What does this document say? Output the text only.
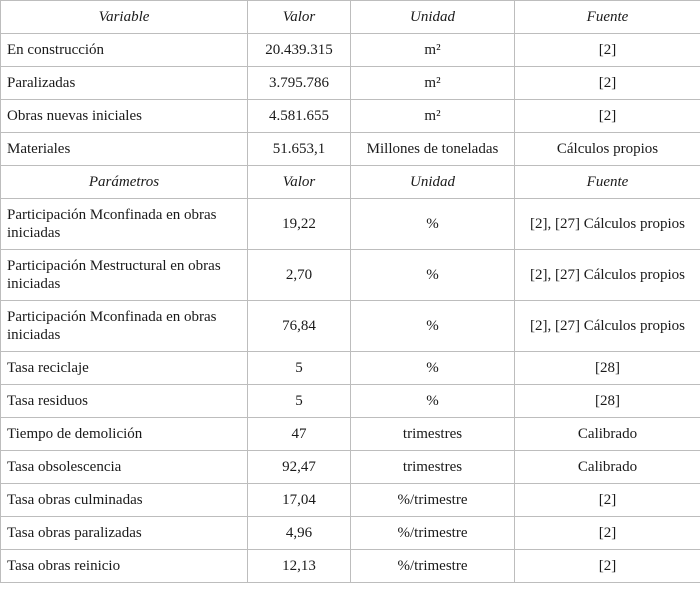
Variable	Valor	Unidad	Fuente
En construcción	20.439.315	m²	[2]
Paralizadas	3.795.786	m²	[2]
Obras nuevas iniciales	4.581.655	m²	[2]
Materiales	51.653,1	Millones de toneladas	Cálculos propios
Parámetros	Valor	Unidad	Fuente
Participación Mconfinada en obras iniciadas	19,22	%	[2], [27] Cálculos propios
Participación Mestructural en obras iniciadas	2,70	%	[2], [27] Cálculos propios
Participación Mconfinada en obras iniciadas	76,84	%	[2], [27] Cálculos propios
Tasa reciclaje	5	%	[28]
Tasa residuos	5	%	[28]
Tiempo de demolición	47	trimestres	Calibrado
Tasa obsolescencia	92,47	trimestres	Calibrado
Tasa obras culminadas	17,04	%/trimestre	[2]
Tasa obras paralizadas	4,96	%/trimestre	[2]
Tasa obras reinicio	12,13	%/trimestre	[2]
